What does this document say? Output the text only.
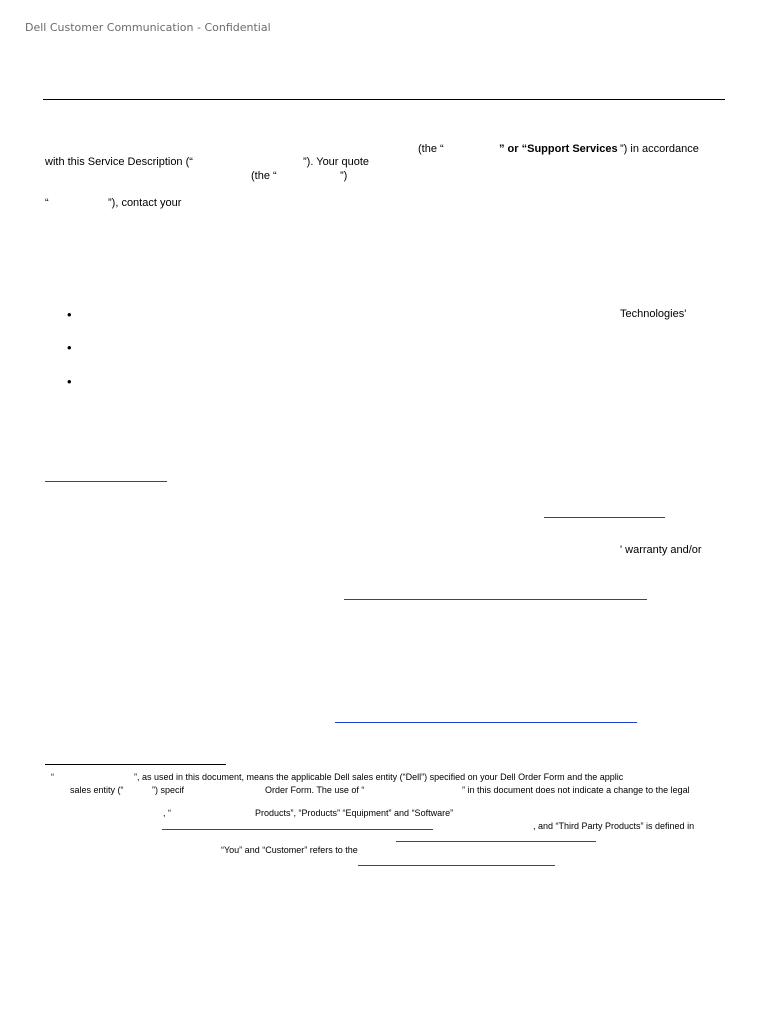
Dell Customer Communication - Confidential
(the “	” or “Support Services ”) in accordance
with this Service Description (“	”). Your quote
(the “	”)
“	”), contact your
•	Technologies'
•
•
' warranty and/or
“	”, as used in this document, means the applicable Dell sales entity (“Dell”) specified on your Dell Order Form and the applic
sales entity (“	”) specif	Order Form. The use of “	” in this document does not indicate a change to the legal
, “	Products”, “Products” “Equipment” and “Software”
, and “Third Party Products” is defined in
“You” and “Customer” refers to the
